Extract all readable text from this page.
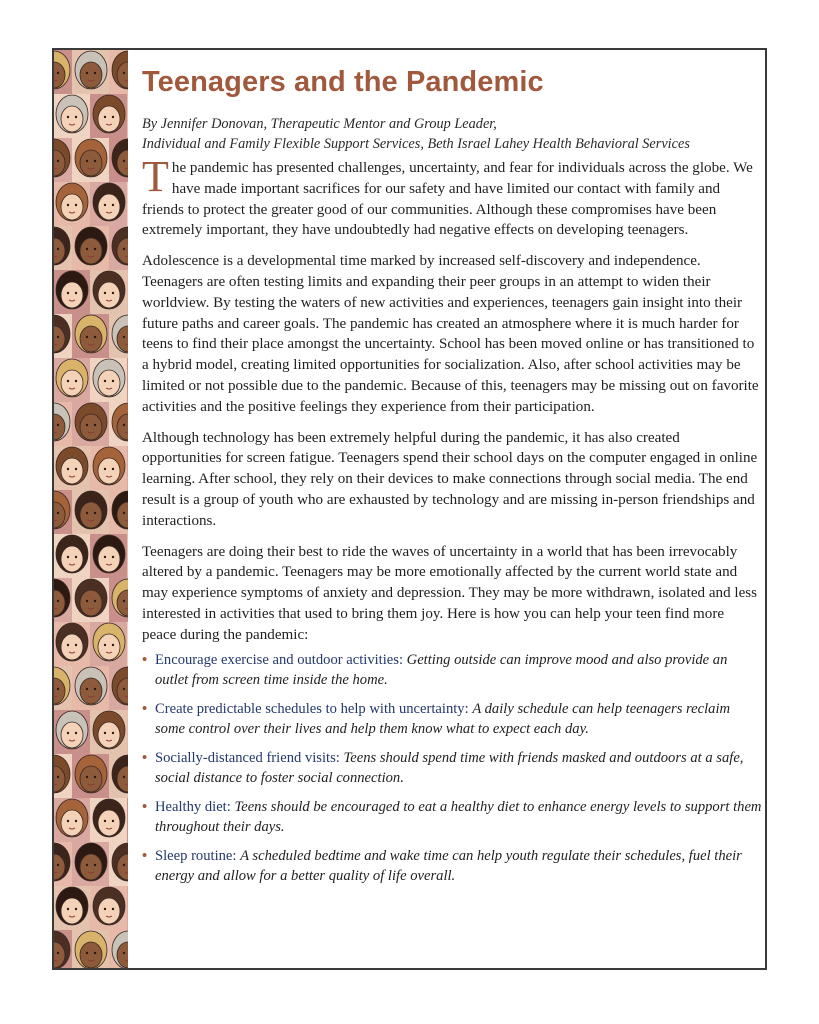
Teenagers and the Pandemic
By Jennifer Donovan, Therapeutic Mentor and Group Leader,
Individual and Family Flexible Support Services, Beth Israel Lahey Health Behavioral Services

The pandemic has presented challenges, uncertainty, and fear for individuals across the globe. We have made important sacrifices for our safety and have limited our contact with family and friends to protect the greater good of our communities. Although these compromises have been extremely important, they have undoubtedly had negative effects on developing teenagers.

Adolescence is a developmental time marked by increased self-discovery and independence. Teenagers are often testing limits and expanding their peer groups in an attempt to widen their worldview. By testing the waters of new activities and experiences, teenagers gain insight into their future paths and career goals. The pandemic has created an atmosphere where it is much harder for teens to find their place amongst the uncertainty. School has been moved online or has transitioned to a hybrid model, creating limited opportunities for socialization. Also, after school activities may be limited or not possible due to the pandemic. Because of this, teenagers may be missing out on favorite activities and the positive feelings they experience from their participation.

Although technology has been extremely helpful during the pandemic, it has also created opportunities for screen fatigue. Teenagers spend their school days on the computer engaged in online learning. After school, they rely on their devices to make connections through social media. The end result is a group of youth who are exhausted by technology and are missing in-person friendships and interactions.

Teenagers are doing their best to ride the waves of uncertainty in a world that has been irrevocably altered by a pandemic. Teenagers may be more emotionally affected by the current world state and may experience symptoms of anxiety and depression. They may be more withdrawn, isolated and less interested in activities that used to bring them joy. Here is how you can help your teen find more peace during the pandemic:

• Encourage exercise and outdoor activities: Getting outside can improve mood and also provide an outlet from screen time inside the home.
• Create predictable schedules to help with uncertainty: A daily schedule can help teenagers reclaim some control over their lives and help them know what to expect each day.
• Socially-distanced friend visits: Teens should spend time with friends masked and outdoors at a safe, social distance to foster social connection.
• Healthy diet: Teens should be encouraged to eat a healthy diet to enhance energy levels to support them throughout their days.
• Sleep routine: A scheduled bedtime and wake time can help youth regulate their schedules, fuel their energy and allow for a better quality of life overall.
